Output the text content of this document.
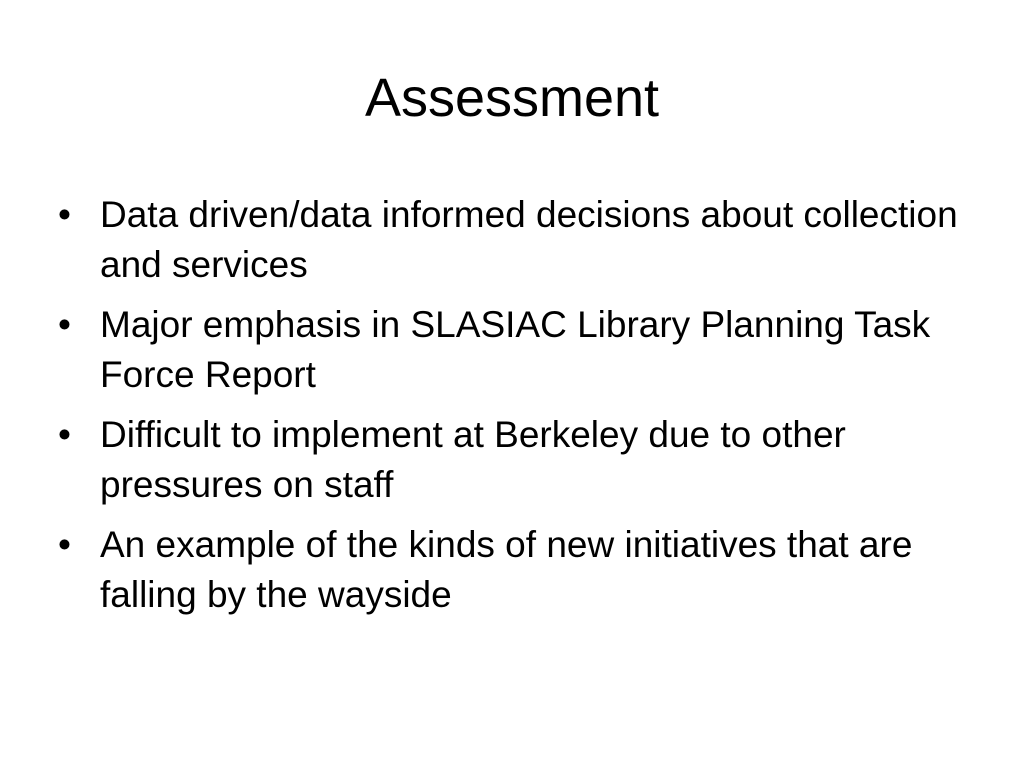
Assessment
• Data driven/data informed decisions about collection and services
• Major emphasis in SLASIAC Library Planning Task Force Report
• Difficult to implement at Berkeley due to other pressures on staff
• An example of the kinds of new initiatives that are falling by the wayside
